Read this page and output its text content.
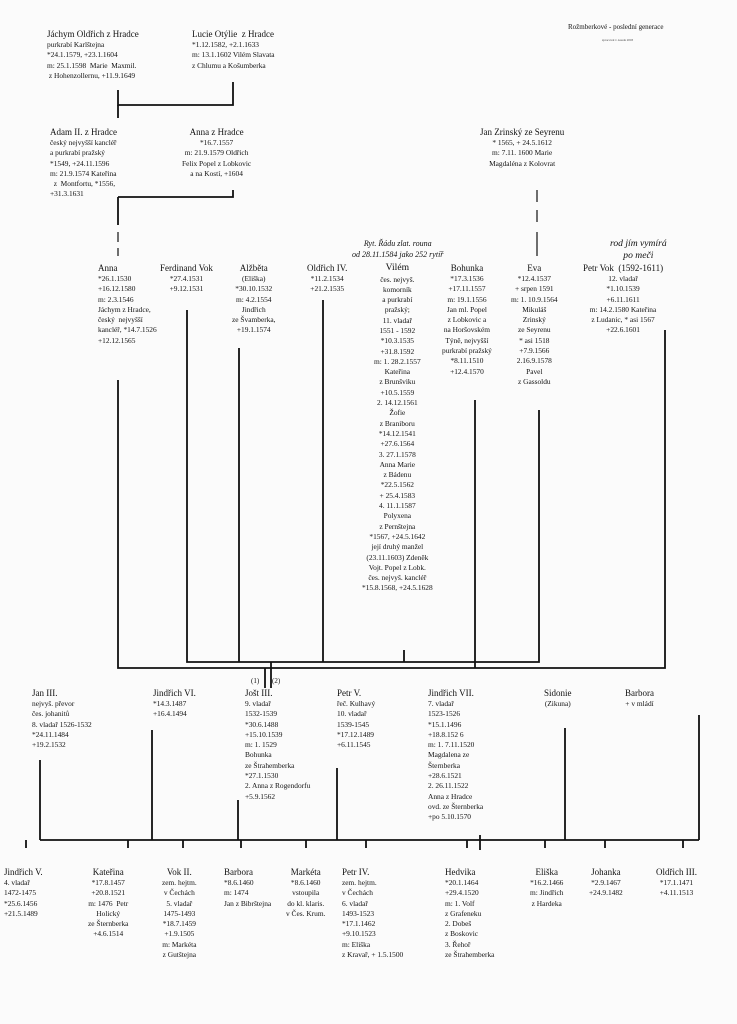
Rožmberkové - poslední generace
zpracoval v. kouda 2003
Ryt. Řádu zlat. rouna
od 28.11.1584 jako 252 rytíř
rod jím vymírá
po meči
(1) (2)
Jáchym Oldřich z Hradce
purkrabí Karlštejna
*24.1.1579, +23.1.1604
m: 25.1.1598  Marie  Maxmil.
z Hohenzollernu, +11.9.1649
Lucie Otýlie  z Hradce
*1.12.1582, +2.1.1633
m: 13.1.1602 Vilém Slavata
z Chlumu a Košumberka
Adam II. z Hradce
český nejvyšší kancléř
a purkrabí pražský
*1549, +24.11.1596
m: 21.9.1574 Kateřina
z  Montfortu, *1556,
+31.3.1631
Anna z Hradce
*16.7.1557
m: 21.9.1579 Oldřich
Felix Popel z Lobkovic
a na Kostí, +1604
Jan Zrinský ze Seyrenu
* 1565, + 24.5.1612
m: 7.11. 1600 Marie
Magdaléna z Kolovrat
Anna
*26.1.1530
+16.12.1580
m: 2.3.1546
Jáchym z Hradce,
český  nejvyšší
kancléř, *14.7.1526
+12.12.1565
Ferdinand Vok
*27.4.1531
+9.12.1531
Alžběta
(Eliška)
*30.10.1532
m: 4.2.1554
Jindřich
ze Švamberka,
+19.1.1574
Oldřich IV.
*11.2.1534
+21.2.1535
Vilém
čes. nejvyš.
komorník
a purkrabí
pražský;
11. vladař
1551 - 1592
*10.3.1535
+31.8.1592
m: 1. 28.2.1557
Kateřina
z Brunšviku
+10.5.1559
2. 14.12.1561
Žofie
z Braniboru
*14.12.1541
+27.6.1564
3. 27.1.1578
Anna Marie
z Bádenu
*22.5.1562
+ 25.4.1583
4. 11.1.1587
Polyxena
z Pernštejna
*1567, +24.5.1642
její druhý manžel
(23.11.1603) Zdeněk
Vojt. Popel z Lobk.
čes. nejvyš. kancléř
*15.8.1568, +24.5.1628
Bohunka
*17.3.1536
+17.11.1557
m: 19.1.1556
Jan ml. Popel
z Lobkovic a
na Horšovském
Týně, nejvyšší
purkrabí pražský
*8.11.1510
+12.4.1570
Eva
*12.4.1537
+ srpen 1591
m: 1. 10.9.1564
Mikuláš
Zrinský
ze Seyrenu
* asi 1518
+7.9.1566
2.16.9.1578
Pavel
z Gassoldu
Petr Vok  (1592-1611)
12. vladař
*1.10.1539
+6.11.1611
m: 14.2.1580 Kateřina
z Ludanic, * asi 1567
+22.6.1601
Jan III.
nejvyš. převor
čes. johanitů
8. vladař 1526-1532
*24.11.1484
+19.2.1532
Jindřich VI.
*14.3.1487
+16.4.1494
Jošt III.
9. vladař
1532-1539
*30.6.1488
+15.10.1539
m: 1. 1529
Bohunka
ze Štrahemberka
*27.1.1530
2. Anna z Rogendorfu
+5.9.1562
Petr V.
řeč. Kulhavý
10. vladař
1539-1545
*17.12.1489
+6.11.1545
Jindřich VII.
7. vladař
1523-1526
*15.1.1496
+18.8.152 6
m: 1. 7.11.1520
Magdalena ze
Šternberka
+28.6.1521
2. 26.11.1522
Anna z Hradce
ovd. ze Šternberka
+po 5.10.1570
Sidonie
(Zikuna)
Barbora
+ v mládí
Jindřich V.
4. vladař
1472-1475
*25.6.1456
+21.5.1489
Kateřina
*17.8.1457
+20.8.1521
m: 1476  Petr
Holický
ze Šternberka
+4.6.1514
Vok II.
zem. hejtm.
v Čechách
5. vladař
1475-1493
*18.7.1459
+1.9.1505
m: Markéta
z Gutštejna
Barbora
*8.6.1460
m: 1474
Jan z Bibrštejna
Markéta
*8.6.1460
vstoupila
do kl. klaris.
v Čes. Krum.
Petr IV.
zem. hejtm.
v Čechách
6. vladař
1493-1523
*17.1.1462
+9.10.1523
m: Eliška
z Kravař, + 1.5.1500
Hedvika
*20.1.1464
+29.4.1520
m: 1. Volf
z Grafeneku
2. Dobeš
z Boskovic
3. Řehoř
ze Štrahemberka
Eliška
*16.2.1466
m: Jindřich
z Hardeka
Johanka
*2.9.1467
+24.9.1482
Oldřich III.
*17.1.1471
+4.11.1513
